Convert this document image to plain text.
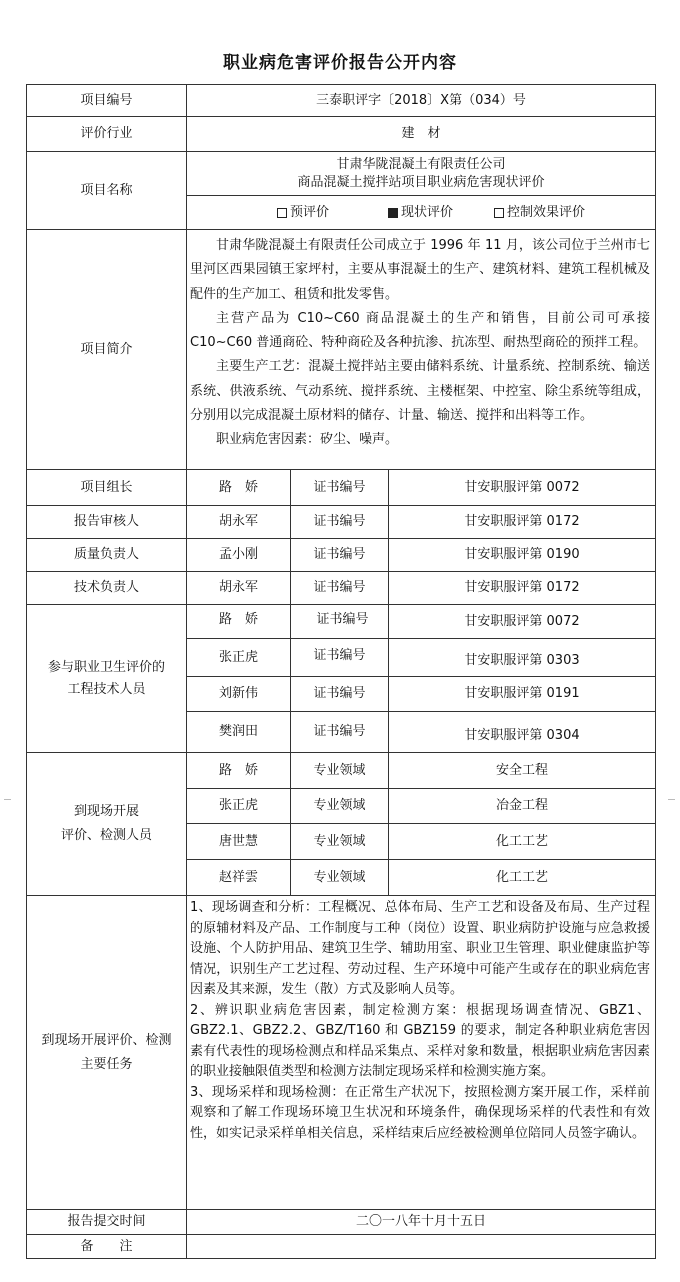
职业病危害评价报告公开内容
项目编号	三泰职评字〔2018〕X第（034）号
评价行业	建　材
项目名称
甘肃华陇混凝土有限责任公司
商品混凝土搅拌站项目职业病危害现状评价
预评价	现状评价	控制效果评价
项目简介

甘肃华陇混凝土有限责任公司成立于 1996 年 11 月，该公司位于兰州市七里河区西果园镇王家坪村，主要从事混凝土的生产、建筑材料、建筑工程机械及配件的生产加工、租赁和批发零售。

主营产品为 C10~C60 商品混凝土的生产和销售，目前公司可承接 C10~C60 普通商砼、特种商砼及各种抗渗、抗冻型、耐热型商砼的预拌工程。

主要生产工艺：混凝土搅拌站主要由储料系统、计量系统、控制系统、输送系统、供液系统、气动系统、搅拌系统、主楼框架、中控室、除尘系统等组成，分别用以完成混凝土原材料的储存、计量、输送、搅拌和出料等工作。

职业病危害因素：矽尘、噪声。

项目组长	路　娇	证书编号	甘安职服评第 0072
报告审核人	胡永军	证书编号	甘安职服评第 0172
质量负责人	孟小刚	证书编号	甘安职服评第 0190
技术负责人	胡永军	证书编号	甘安职服评第 0172
参与职业卫生评价的
工程技术人员
路　娇	证书编号	甘安职服评第 0072
张正虎	证书编号	甘安职服评第 0303
刘新伟	证书编号	甘安职服评第 0191
樊润田	证书编号	甘安职服评第 0304
到现场开展
评价、检测人员
路　娇	专业领域	安全工程
张正虎	专业领域	冶金工程
唐世慧	专业领域	化工工艺
赵祥雲	专业领域	化工工艺
到现场开展评价、检测
主要任务

1、现场调查和分析：工程概况、总体布局、生产工艺和设备及布局、生产过程的原辅材料及产品、工作制度与工种（岗位）设置、职业病防护设施与应急救援设施、个人防护用品、建筑卫生学、辅助用室、职业卫生管理、职业健康监护等情况，识别生产工艺过程、劳动过程、生产环境中可能产生或存在的职业病危害因素及其来源，发生（散）方式及影响人员等。

2、辨识职业病危害因素，制定检测方案：根据现场调查情况、GBZ1、GBZ2.1、GBZ2.2、GBZ/T160 和 GBZ159 的要求，制定各种职业病危害因素有代表性的现场检测点和样品采集点、采样对象和数量，根据职业病危害因素的职业接触限值类型和检测方法制定现场采样和检测实施方案。

3、现场采样和现场检测：在正常生产状况下，按照检测方案开展工作，采样前观察和了解工作现场环境卫生状况和环境条件，确保现场采样的代表性和有效性，如实记录采样单相关信息，采样结束后应经被检测单位陪同人员签字确认。

报告提交时间	二〇一八年十月十五日
备　　注
